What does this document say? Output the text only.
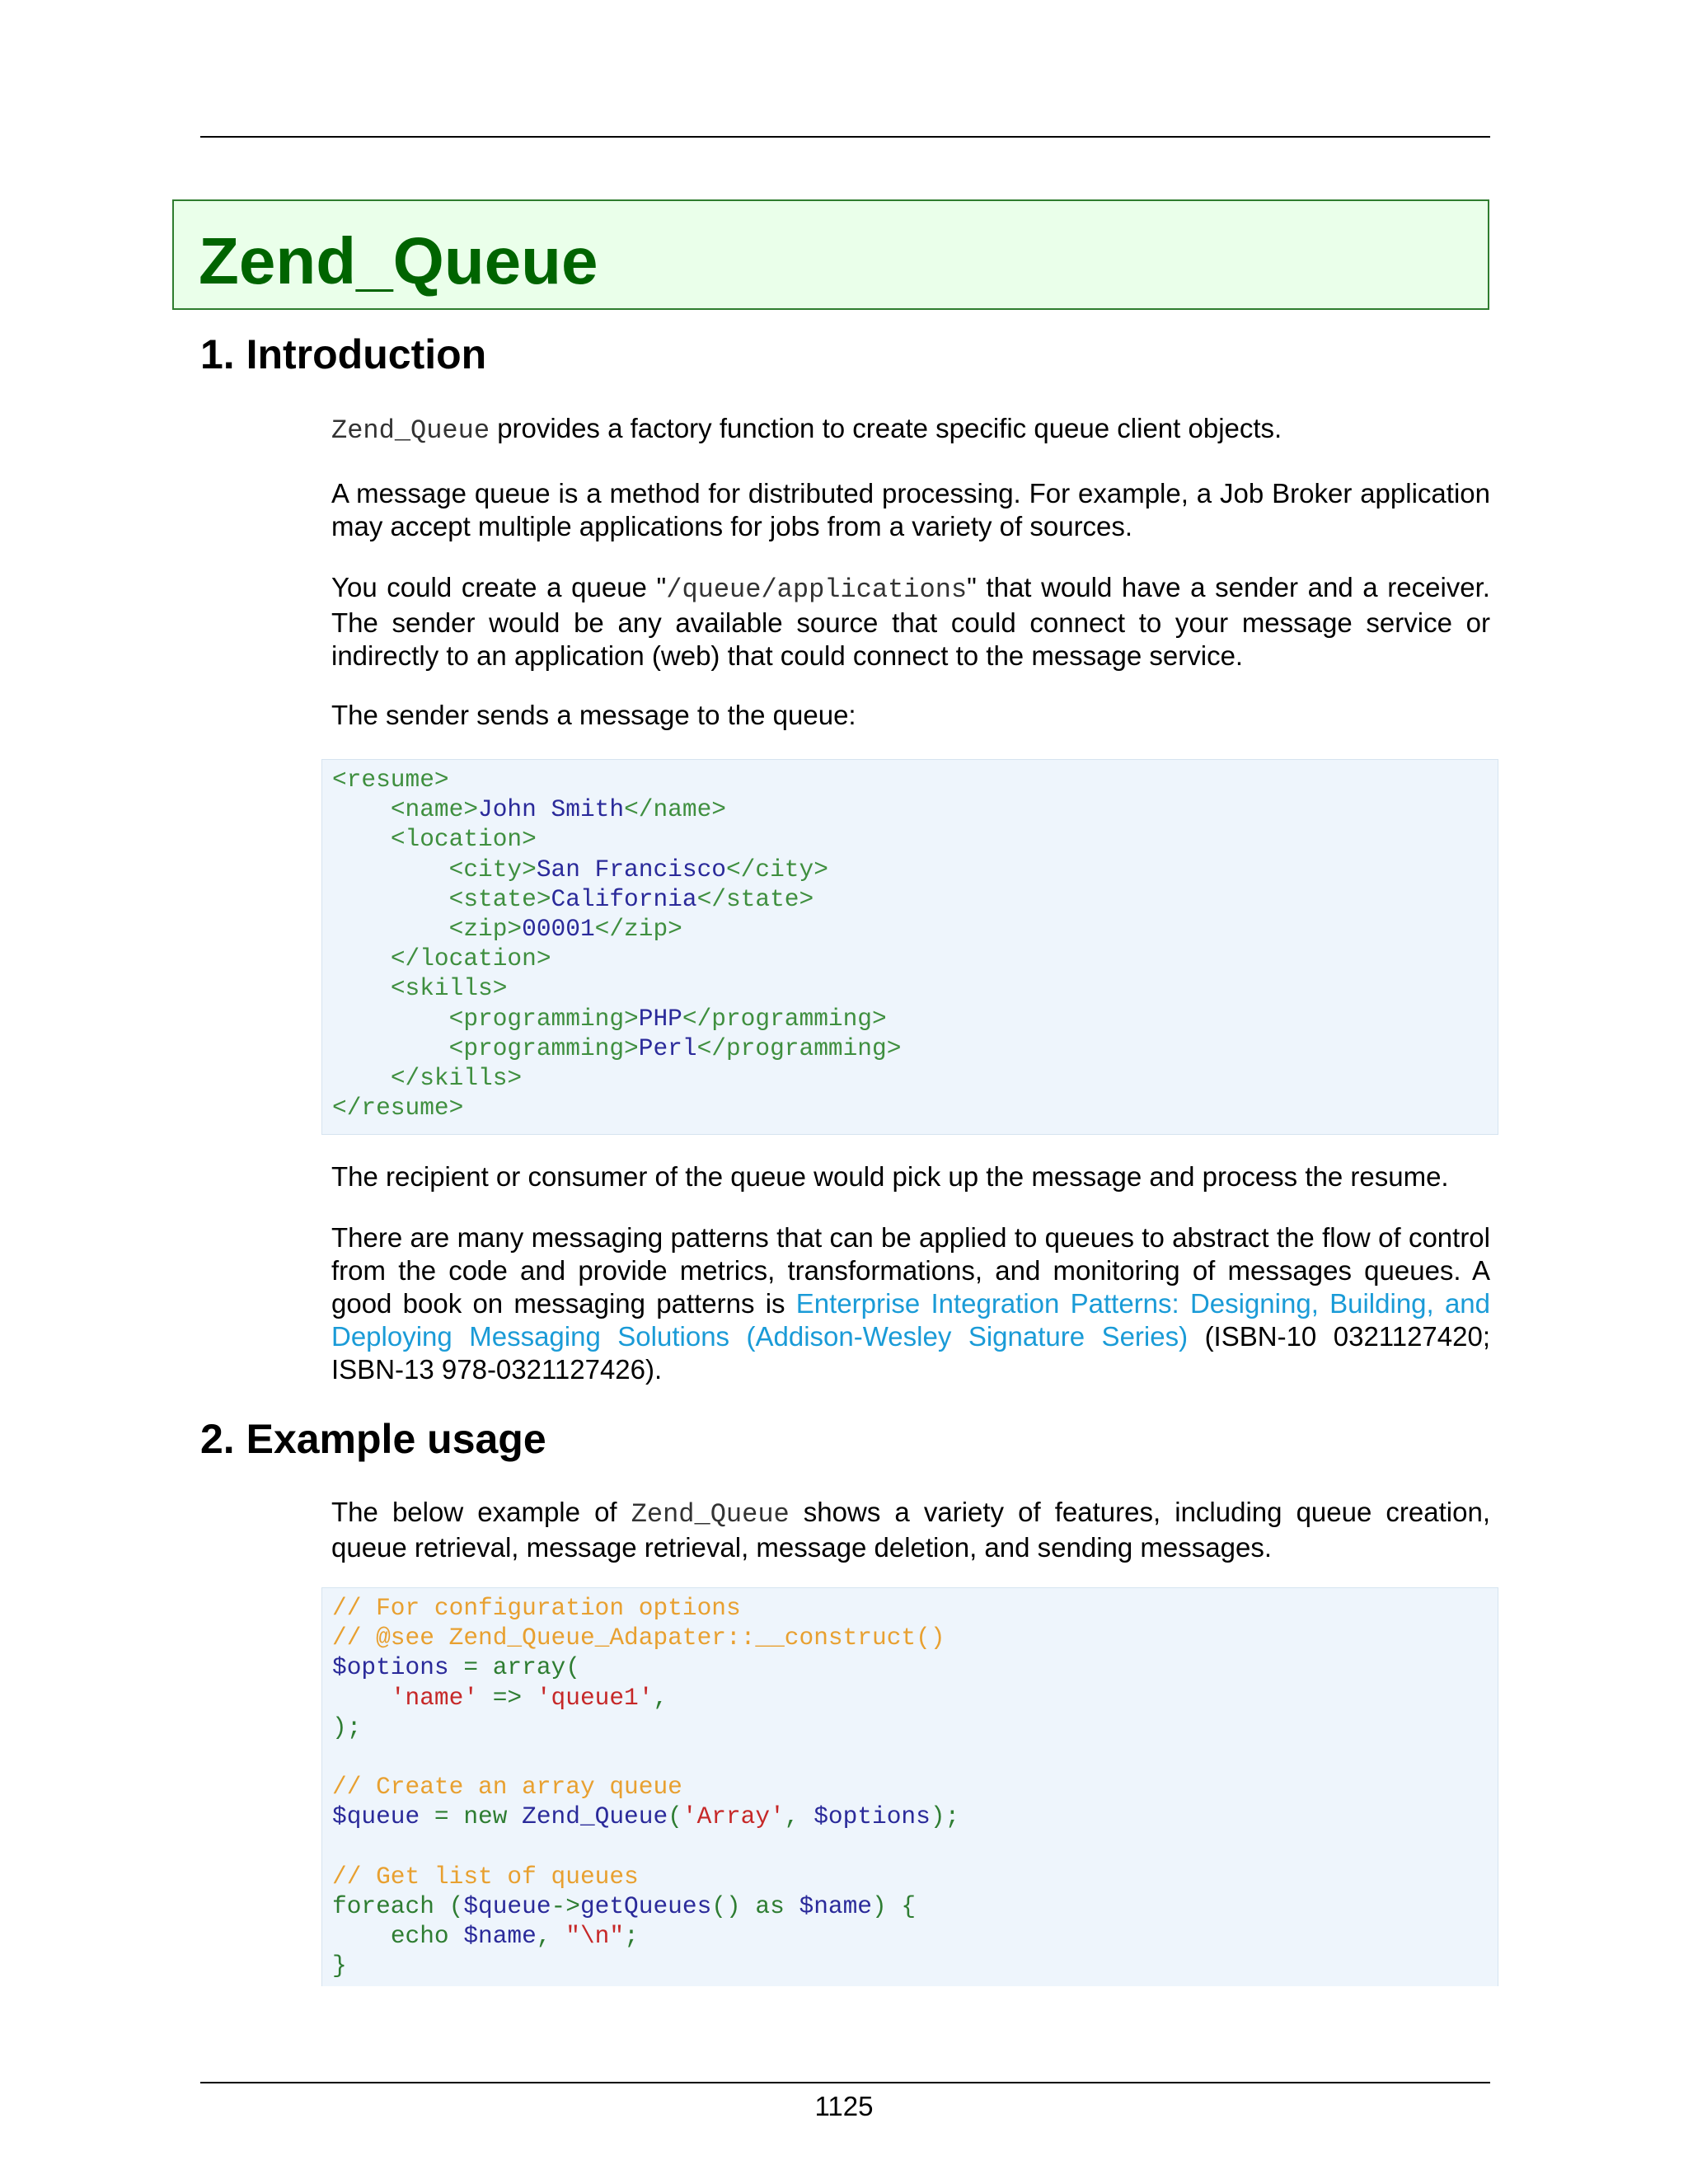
Zend_Queue
1. Introduction

Zend_Queue provides a factory function to create specific queue client objects.

A message queue is a method for distributed processing. For example, a Job Broker application may accept multiple applications for jobs from a variety of sources.

You could create a queue "/queue/applications" that would have a sender and a receiver. The sender would be any available source that could connect to your message service or indirectly to an application (web) that could connect to the message service.

The sender sends a message to the queue:

<resume>
<name>John Smith</name>
<location>
<city>San Francisco</city>
<state>California</state>
<zip>00001</zip>
</location>
<skills>
<programming>PHP</programming>
<programming>Perl</programming>
</skills>
</resume>

The recipient or consumer of the queue would pick up the message and process the resume.

There are many messaging patterns that can be applied to queues to abstract the flow of control from the code and provide metrics, transformations, and monitoring of messages queues. A good book on messaging patterns is Enterprise Integration Patterns: Designing, Building, and Deploying Messaging Solutions (Addison-Wesley Signature Series) (ISBN-10 0321127420; ISBN-13 978-0321127426).

2. Example usage

The below example of Zend_Queue shows a variety of features, including queue creation, queue retrieval, message retrieval, message deletion, and sending messages.

// For configuration options
// @see Zend_Queue_Adapater::__construct()
$options = array(
'name' => 'queue1',
);
// Create an array queue
$queue = new Zend_Queue('Array', $options);
// Get list of queues
foreach ($queue->getQueues() as $name) {
echo $name, "\n";
}
1125
